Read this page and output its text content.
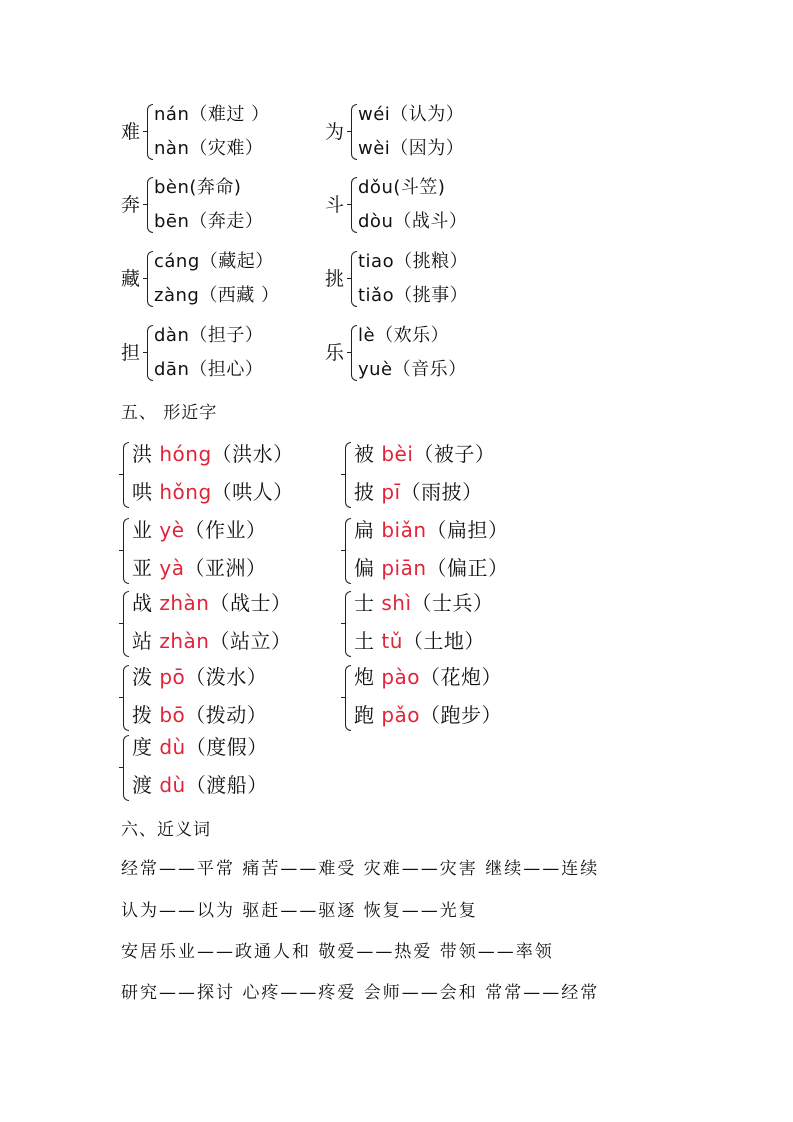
难
nán（难过 ）
nàn（灾难）
为
wéi（认为）
wèi（因为）
奔
bèn(奔命)
bēn（奔走）
斗
dǒu(斗笠)
dòu（战斗）
藏
cáng（藏起）
zàng（西藏 ）
挑
tiao（挑粮）
tiǎo（挑事）
担
dàn（担子）
dān（担心）
乐
lè（欢乐）
yuè（音乐）
五、 形近字
洪 hóng（洪水）
哄 hǒng（哄人）
被 bèi（被子）
披 pī（雨披）
业 yè（作业）
亚 yà（亚洲）
扁 biǎn（扁担）
偏 piān（偏正）
战 zhàn（战士）
站 zhàn（站立）
士 shì（士兵）
土 tǔ（土地）
泼 pō（泼水）
拨 bō（拨动）
炮 pào（花炮）
跑 pǎo（跑步）
度 dù（度假）
渡 dù（渡船）
六、近义词
经常——平常 痛苦——难受 灾难——灾害 继续——连续
认为——以为 驱赶——驱逐 恢复——光复
安居乐业——政通人和 敬爱——热爱 带领——率领
研究——探讨 心疼——疼爱 会师——会和 常常——经常
